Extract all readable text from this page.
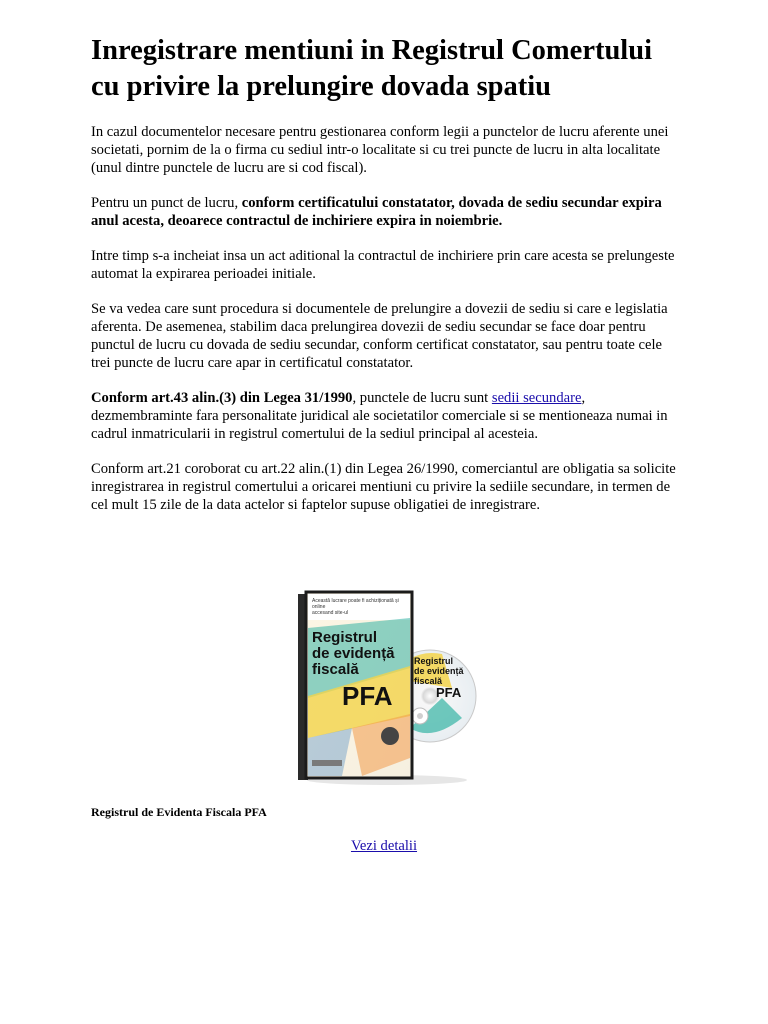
Inregistrare mentiuni in Registrul Comertului cu privire la prelungire dovada spatiu

In cazul documentelor necesare pentru gestionarea conform legii a punctelor de lucru aferente unei societati, pornim de la o firma cu sediul intr-o localitate si cu trei puncte de lucru in alta localitate (unul dintre punctele de lucru are si cod fiscal).

Pentru un punct de lucru, conform certificatului constatator, dovada de sediu secundar expira anul acesta, deoarece contractul de inchiriere expira in noiembrie.

Intre timp s-a incheiat insa un act aditional la contractul de inchiriere prin care acesta se prelungeste automat la expirarea perioadei initiale.

Se va vedea care sunt procedura si documentele de prelungire a dovezii de sediu si care e legislatia aferenta. De asemenea, stabilim daca prelungirea dovezii de sediu secundar se face doar pentru punctul de lucru cu dovada de sediu secundar, conform certificat constatator, sau pentru toate cele trei puncte de lucru care apar in certificatul constatator.

Conform art.43 alin.(3) din Legea 31/1990, punctele de lucru sunt sedii secundare, dezmembraminte fara personalitate juridical ale societatilor comerciale si se mentioneaza numai in cadrul inmatricularii in registrul comertului de la sediul principal al acesteia.

Conform art.21 coroborat cu art.22 alin.(1) din Legea 26/1990, comerciantul are obligatia sa solicite inregistrarea in registrul comertului a oricarei mentiuni cu privire la sediile secundare, in termen de cel mult 15 zile de la data actelor si faptelor supuse obligatiei de inregistrare.

Această lucrare poate fi achiziționată și online
accesand site-ul
Registrul
de evidență
fiscală
PFA
Registrul
de evidență
fiscală
PFA
Registrul de Evidenta Fiscala PFA
Vezi detalii
